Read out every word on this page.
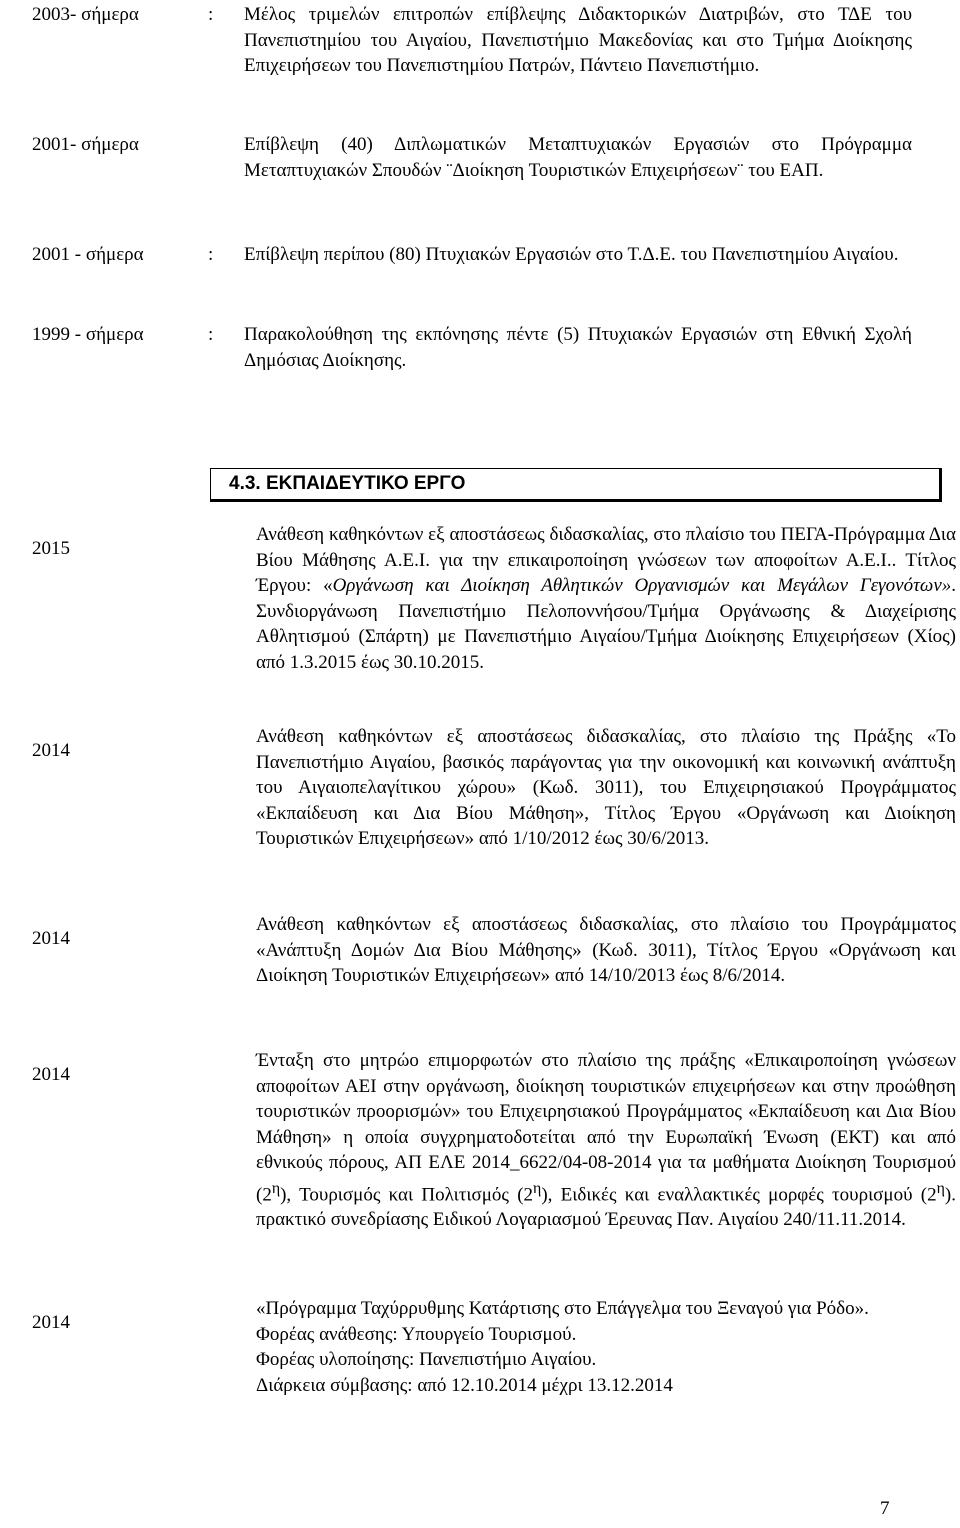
2003- σήμερα	: Μέλος τριμελών επιτροπών επίβλεψης Διδακτορικών Διατριβών, στο ΤΔΕ του Πανεπιστημίου του Αιγαίου, Πανεπιστήμιο Μακεδονίας και στο Τμήμα Διοίκησης Επιχειρήσεων του Πανεπιστημίου Πατρών, Πάντειο Πανεπιστήμιο.
2001- σήμερα	Επίβλεψη (40) Διπλωματικών Μεταπτυχιακών Εργασιών στο Πρόγραμμα Μεταπτυχιακών Σπουδών ¨Διοίκηση Τουριστικών Επιχειρήσεων¨ του ΕΑΠ.
2001 - σήμερα	: Επίβλεψη περίπου (80) Πτυχιακών Εργασιών στο Τ.Δ.Ε. του Πανεπιστημίου Αιγαίου.
1999 - σήμερα	: Παρακολούθηση της εκπόνησης πέντε (5) Πτυχιακών Εργασιών στη Εθνική Σχολή Δημόσιας Διοίκησης.
4.3. ΕΚΠΑΙΔΕΥΤΙΚΟ ΕΡΓΟ
2015
Ανάθεση καθηκόντων εξ αποστάσεως διδασκαλίας, στο πλαίσιο του ΠΕΓΑ-Πρόγραμμα Δια Βίου Μάθησης Α.Ε.Ι. για την επικαιροποίηση γνώσεων των αποφοίτων Α.Ε.Ι.. Τίτλος Έργου: «Οργάνωση και Διοίκηση Αθλητικών Οργανισμών και Μεγάλων Γεγονότων». Συνδιοργάνωση Πανεπιστήμιο Πελοποννήσου/Τμήμα Οργάνωσης & Διαχείρισης Αθλητισμού (Σπάρτη) με Πανεπιστήμιο Αιγαίου/Τμήμα Διοίκησης Επιχειρήσεων (Χίος) από 1.3.2015 έως 30.10.2015.
2014
Ανάθεση καθηκόντων εξ αποστάσεως διδασκαλίας, στο πλαίσιο της Πράξης «Το Πανεπιστήμιο Αιγαίου, βασικός παράγοντας για την οικονομική και κοινωνική ανάπτυξη του Αιγαιοπελαγίτικου χώρου» (Κωδ. 3011), του Επιχειρησιακού Προγράμματος «Εκπαίδευση και Δια Βίου Μάθηση», Τίτλος Έργου «Οργάνωση και Διοίκηση Τουριστικών Επιχειρήσεων» από 1/10/2012 έως 30/6/2013.
2014
Ανάθεση καθηκόντων εξ αποστάσεως διδασκαλίας, στο πλαίσιο του Προγράμματος «Ανάπτυξη Δομών Δια Βίου Μάθησης» (Κωδ. 3011), Τίτλος Έργου «Οργάνωση και Διοίκηση Τουριστικών Επιχειρήσεων» από 14/10/2013 έως 8/6/2014.
2014
Ένταξη στο μητρώο επιμορφωτών στο πλαίσιο της πράξης «Επικαιροποίηση γνώσεων αποφοίτων ΑΕΙ στην οργάνωση, διοίκηση τουριστικών επιχειρήσεων και στην προώθηση τουριστικών προορισμών» του Επιχειρησιακού Προγράμματος «Εκπαίδευση και Δια Βίου Μάθηση» η οποία συγχρηματοδοτείται από την Ευρωπαϊκή Ένωση (ΕΚΤ) και από εθνικούς πόρους, ΑΠ ΕΛΕ 2014_6622/04-08-2014 για τα μαθήματα Διοίκηση Τουρισμού $(2^\eta)$, Τουρισμός και Πολιτισμός $(2^\eta)$, Ειδικές και εναλλακτικές μορφές τουρισμού $(2^\eta)$. πρακτικό συνεδρίασης Ειδικού Λογαριασμού Έρευνας Παν. Αιγαίου 240/11.11.2014.
2014
«Πρόγραμμα Ταχύρρυθμης Κατάρτισης στο Επάγγελμα του Ξεναγού για Ρόδο».
Φορέας ανάθεσης: Υπουργείο Τουρισμού.
Φορέας υλοποίησης: Πανεπιστήμιο Αιγαίου.
Διάρκεια σύμβασης: από 12.10.2014 μέχρι 13.12.2014
7
